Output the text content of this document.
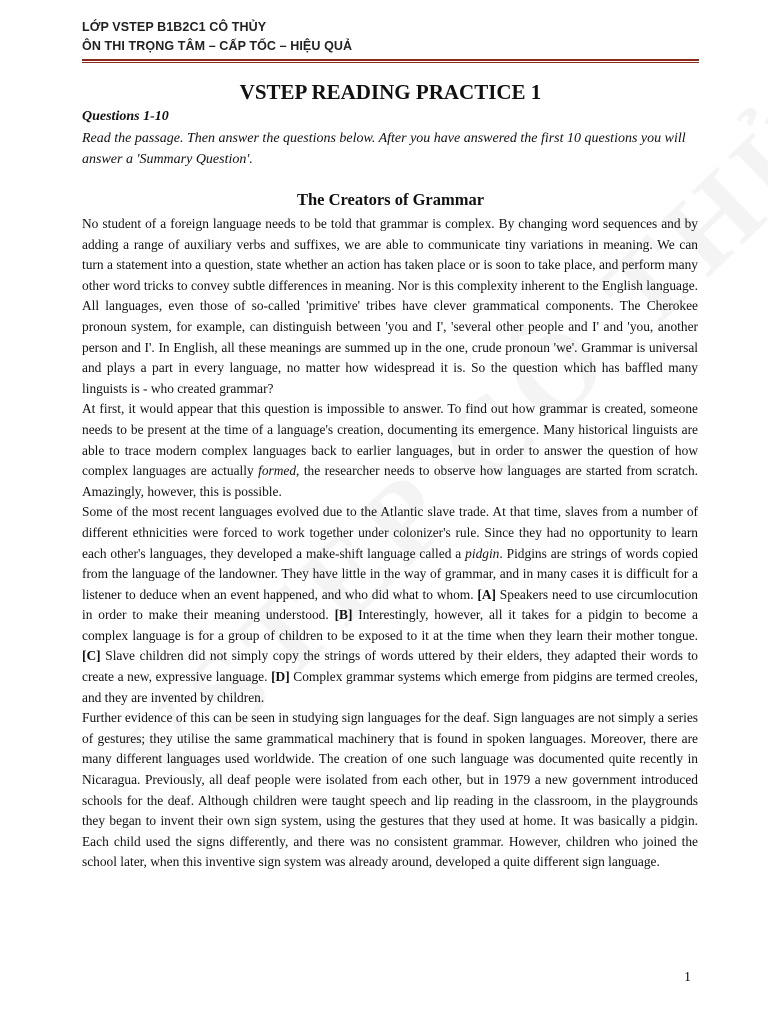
LỚP VSTEP B1B2C1 CÔ THỦY
ÔN THI TRỌNG TÂM – CẤP TỐC – HIỆU QUẢ
VSTEP READING PRACTICE 1
Questions 1-10
Read the passage. Then answer the questions below. After you have answered the first 10 questions you will answer a 'Summary Question'.
The Creators of Grammar

No student of a foreign language needs to be told that grammar is complex. By changing word sequences and by adding a range of auxiliary verbs and suffixes, we are able to communicate tiny variations in meaning. We can turn a statement into a question, state whether an action has taken place or is soon to take place, and perform many other word tricks to convey subtle differences in meaning. Nor is this complexity inherent to the English language. All languages, even those of so-called 'primitive' tribes have clever grammatical components. The Cherokee pronoun system, for example, can distinguish between 'you and I', 'several other people and I' and 'you, another person and I'. In English, all these meanings are summed up in the one, crude pronoun 'we'. Grammar is universal and plays a part in every language, no matter how widespread it is. So the question which has baffled many linguists is - who created grammar?

At first, it would appear that this question is impossible to answer. To find out how grammar is created, someone needs to be present at the time of a language's creation, documenting its emergence. Many historical linguists are able to trace modern complex languages back to earlier languages, but in order to answer the question of how complex languages are actually formed, the researcher needs to observe how languages are started from scratch. Amazingly, however, this is possible.

Some of the most recent languages evolved due to the Atlantic slave trade. At that time, slaves from a number of different ethnicities were forced to work together under colonizer's rule. Since they had no opportunity to learn each other's languages, they developed a make-shift language called a pidgin. Pidgins are strings of words copied from the language of the landowner. They have little in the way of grammar, and in many cases it is difficult for a listener to deduce when an event happened, and who did what to whom. [A] Speakers need to use circumlocution in order to make their meaning understood. [B] Interestingly, however, all it takes for a pidgin to become a complex language is for a group of children to be exposed to it at the time when they learn their mother tongue. [C] Slave children did not simply copy the strings of words uttered by their elders, they adapted their words to create a new, expressive language. [D] Complex grammar systems which emerge from pidgins are termed creoles, and they are invented by children.

Further evidence of this can be seen in studying sign languages for the deaf. Sign languages are not simply a series of gestures; they utilise the same grammatical machinery that is found in spoken languages. Moreover, there are many different languages used worldwide. The creation of one such language was documented quite recently in Nicaragua. Previously, all deaf people were isolated from each other, but in 1979 a new government introduced schools for the deaf. Although children were taught speech and lip reading in the classroom, in the playgrounds they began to invent their own sign system, using the gestures that they used at home. It was basically a pidgin. Each child used the signs differently, and there was no consistent grammar. However, children who joined the school later, when this inventive sign system was already around, developed a quite different sign language.

1
